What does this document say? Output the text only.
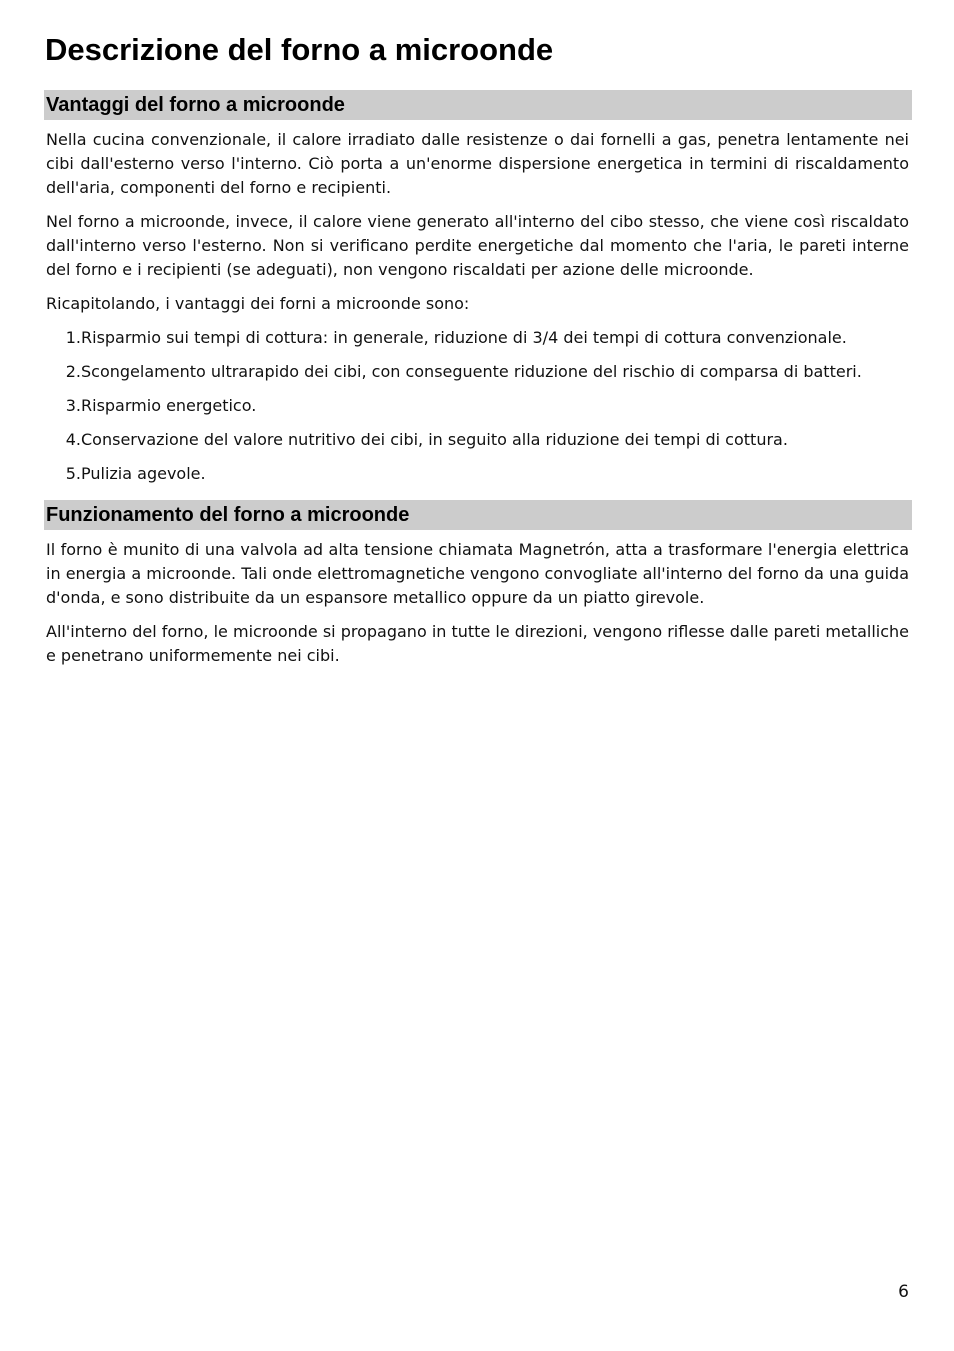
Descrizione del forno a microonde
Vantaggi del forno a microonde

Nella cucina convenzionale, il calore irradiato dalle resistenze o dai fornelli a gas, penetra lentamente nei cibi dall'esterno verso l'interno. Ciò porta a un'enorme dispersione energetica in termini di riscaldamento dell'aria, componenti del forno e recipienti.

Nel forno a microonde, invece, il calore viene generato all'interno del cibo stesso, che viene così riscaldato dall'interno verso l'esterno. Non si verificano perdite energetiche dal momento che l'aria, le pareti interne del forno e i recipienti (se adeguati), non vengono riscaldati per azione delle microonde.

Ricapitolando, i vantaggi dei forni a microonde sono:

1. Risparmio sui tempi di cottura: in generale, riduzione di 3/4 dei tempi di cottura convenzionale.
2. Scongelamento ultrarapido dei cibi, con conseguente riduzione del rischio di comparsa di batteri.
3. Risparmio energetico.
4. Conservazione del valore nutritivo dei cibi, in seguito alla riduzione dei tempi di cottura.
5. Pulizia agevole.
Funzionamento del forno a microonde

Il forno è munito di una valvola ad alta tensione chiamata Magnetrón, atta a trasformare l'energia elettrica in energia a microonde. Tali onde elettromagnetiche vengono convogliate all'interno del forno da una guida d'onda, e sono distribuite da un espansore metallico oppure da un piatto girevole.

All'interno del forno, le microonde si propagano in tutte le direzioni, vengono riflesse dalle pareti metalliche e penetrano uniformemente nei cibi.

6
